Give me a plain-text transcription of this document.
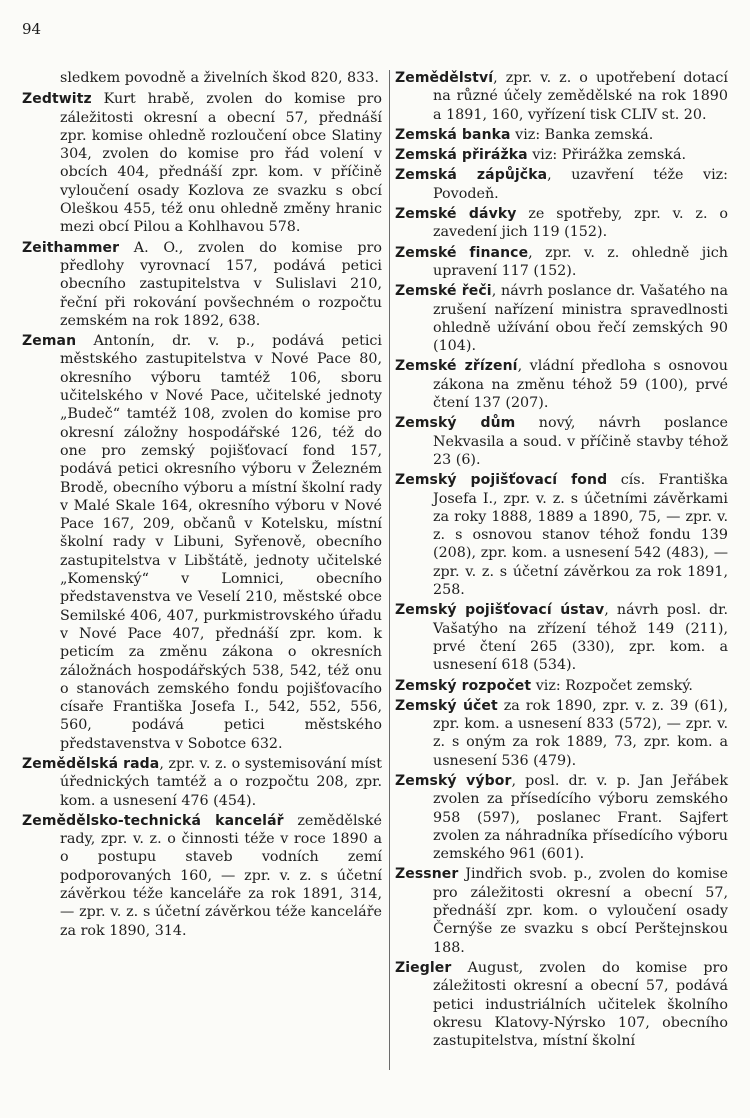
94

sledkem povodně a živelních škod 820, 833.

Zedtwitz Kurt hrabě, zvolen do komise pro záležitosti okresní a obecní 57, přednáší zpr. komise ohledně rozloučení obce Slatiny 304, zvolen do komise pro řád volení v obcích 404, přednáší zpr. kom. v příčině vyloučení osady Kozlova ze svazku s obcí Oleškou 455, též onu ohledně změny hranic mezi obcí Pilou a Kohlhavou 578.

Zeithammer A. O., zvolen do komise pro předlohy vyrovnací 157, podává petici obecního zastupitelstva v Sulislavi 210, řeční při rokování povšechném o rozpočtu zemském na rok 1892, 638.

Zeman Antonín, dr. v. p., podává petici městského zastupitelstva v Nové Pace 80, okresního výboru tamtéž 106, sboru učitelského v Nové Pace, učitelské jednoty „Budeč“ tamtéž 108, zvolen do komise pro okresní záložny hospodářské 126, též do one pro zemský pojišťovací fond 157, podává petici okresního výboru v Železném Brodě, obecního výboru a místní školní rady v Malé Skale 164, okresního výboru v Nové Pace 167, 209, občanů v Kotelsku, místní školní rady v Libuni, Syřenově, obecního zastupitelstva v Libštátě, jednoty učitelské „Komenský“ v Lomnici, obecního představenstva ve Veselí 210, městské obce Semilské 406, 407, purkmistrovského úřadu v Nové Pace 407, přednáší zpr. kom. k peticím za změnu zákona o okresních záložnách hospodářských 538, 542, též onu o stanovách zemského fondu pojišťovacího císaře Františka Josefa I., 542, 552, 556, 560, podává petici městského představenstva v Sobotce 632.

Zemědělská rada, zpr. v. z. o systemisování míst úřednických tamtéž a o rozpočtu 208, zpr. kom. a usnesení 476 (454).

Zemědělsko-technická kancelář zemědělské rady, zpr. v. z. o činnosti téže v roce 1890 a o postupu staveb vodních zemí podporovaných 160, — zpr. v. z. s účetní závěrkou téže kanceláře za rok 1891, 314, — zpr. v. z. s účetní závěrkou téže kanceláře za rok 1890, 314.

Zemědělství, zpr. v. z. o upotřebení dotací na různé účely zemědělské na rok 1890 a 1891, 160, vyřízení tisk CLIV st. 20.

Zemská banka viz: Banka zemská.

Zemská přirážka viz: Přirážka zemská.

Zemská zápůjčka, uzavření téže viz: Povodeň.

Zemské dávky ze spotřeby, zpr. v. z. o zavedení jich 119 (152).

Zemské finance, zpr. v. z. ohledně jich upravení 117 (152).

Zemské řeči, návrh poslance dr. Vašatého na zrušení nařízení ministra spravedlnosti ohledně užívání obou řečí zemských 90 (104).

Zemské zřízení, vládní předloha s osnovou zákona na změnu téhož 59 (100), prvé čtení 137 (207).

Zemský dům nový, návrh poslance Nekvasila a soud. v příčině stavby téhož 23 (6).

Zemský pojišťovací fond cís. Františka Josefa I., zpr. v. z. s účetními závěrkami za roky 1888, 1889 a 1890, 75, — zpr. v. z. s osnovou stanov téhož fondu 139 (208), zpr. kom. a usnesení 542 (483), — zpr. v. z. s účetní závěrkou za rok 1891, 258.

Zemský pojišťovací ústav, návrh posl. dr. Vašatýho na zřízení téhož 149 (211), prvé čtení 265 (330), zpr. kom. a usnesení 618 (534).

Zemský rozpočet viz: Rozpočet zemský.

Zemský účet za rok 1890, zpr. v. z. 39 (61), zpr. kom. a usnesení 833 (572), — zpr. v. z. s oným za rok 1889, 73, zpr. kom. a usnesení 536 (479).

Zemský výbor, posl. dr. v. p. Jan Jeřábek zvolen za přísedícího výboru zemského 958 (597), poslanec Frant. Sajfert zvolen za náhradníka přísedícího výboru zemského 961 (601).

Zessner Jindřich svob. p., zvolen do komise pro záležitosti okresní a obecní 57, přednáší zpr. kom. o vyloučení osady Černýše ze svazku s obcí Perštejnskou 188.

Ziegler August, zvolen do komise pro záležitosti okresní a obecní 57, podává petici industriálních učitelek školního okresu Klatovy-Nýrsko 107, obecního zastupitelstva, místní školní
